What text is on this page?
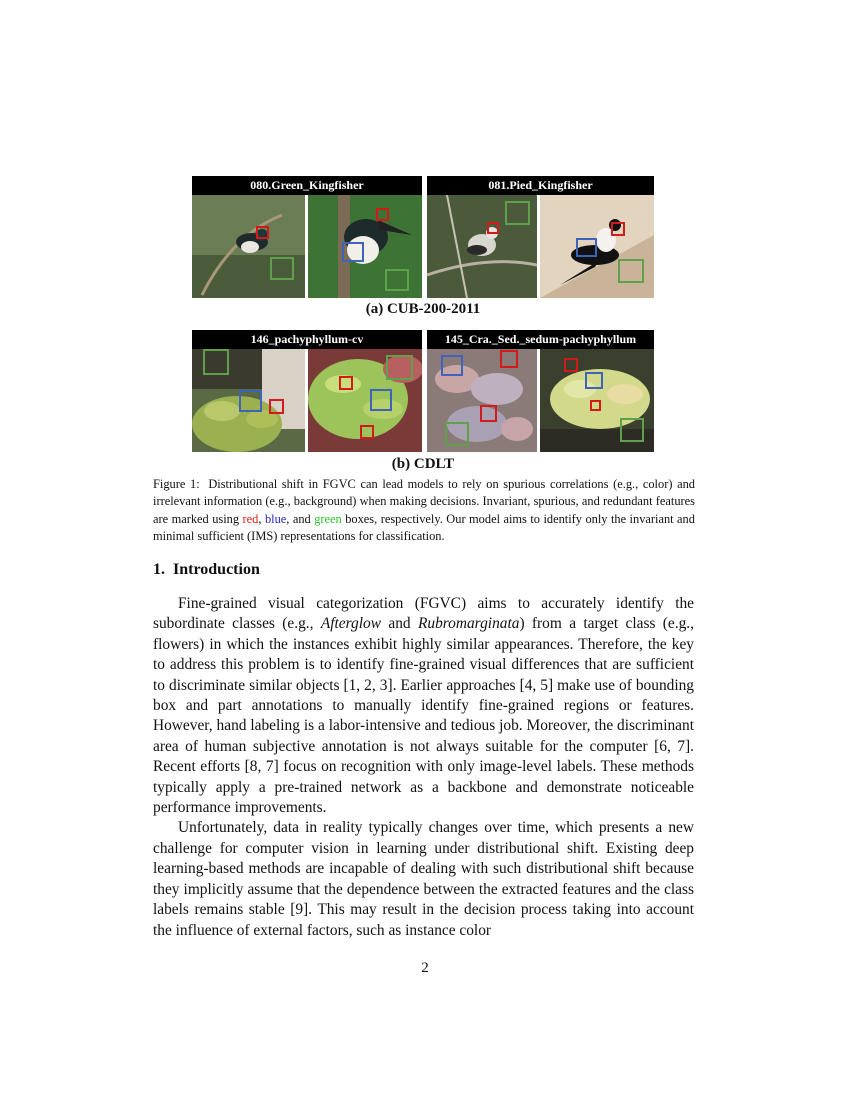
080.Green_Kingfisher	081.Pied_Kingfisher
(a) CUB-200-2011
146_pachyphyllum-cv	145_Cra._Sed._sedum-pachyphyllum
(b) CDLT
Figure 1: Distributional shift in FGVC can lead models to rely on spurious correlations (e.g., color) and irrelevant information (e.g., background) when making decisions. Invariant, spurious, and redundant features are marked using red, blue, and green boxes, respectively. Our model aims to identify only the invariant and minimal sufficient (IMS) representations for classification.
1. Introduction

Fine-grained visual categorization (FGVC) aims to accurately identify the subordinate classes (e.g., Afterglow and Rubromarginata) from a target class (e.g., flowers) in which the instances exhibit highly similar appearances. Therefore, the key to address this problem is to identify fine-grained visual differences that are sufficient to discriminate similar objects [1, 2, 3]. Earlier approaches [4, 5] make use of bounding box and part annotations to manually identify fine-grained regions or features. However, hand labeling is a labor-intensive and tedious job. Moreover, the discriminant area of human subjective annotation is not always suitable for the computer [6, 7]. Recent efforts [8, 7] focus on recognition with only image-level labels. These methods typically apply a pre-trained network as a backbone and demonstrate noticeable performance improvements.

Unfortunately, data in reality typically changes over time, which presents a new challenge for computer vision in learning under distributional shift. Existing deep learning-based methods are incapable of dealing with such distributional shift because they implicitly assume that the dependence between the extracted features and the class labels remains stable [9]. This may result in the decision process taking into account the influence of external factors, such as instance color

2
